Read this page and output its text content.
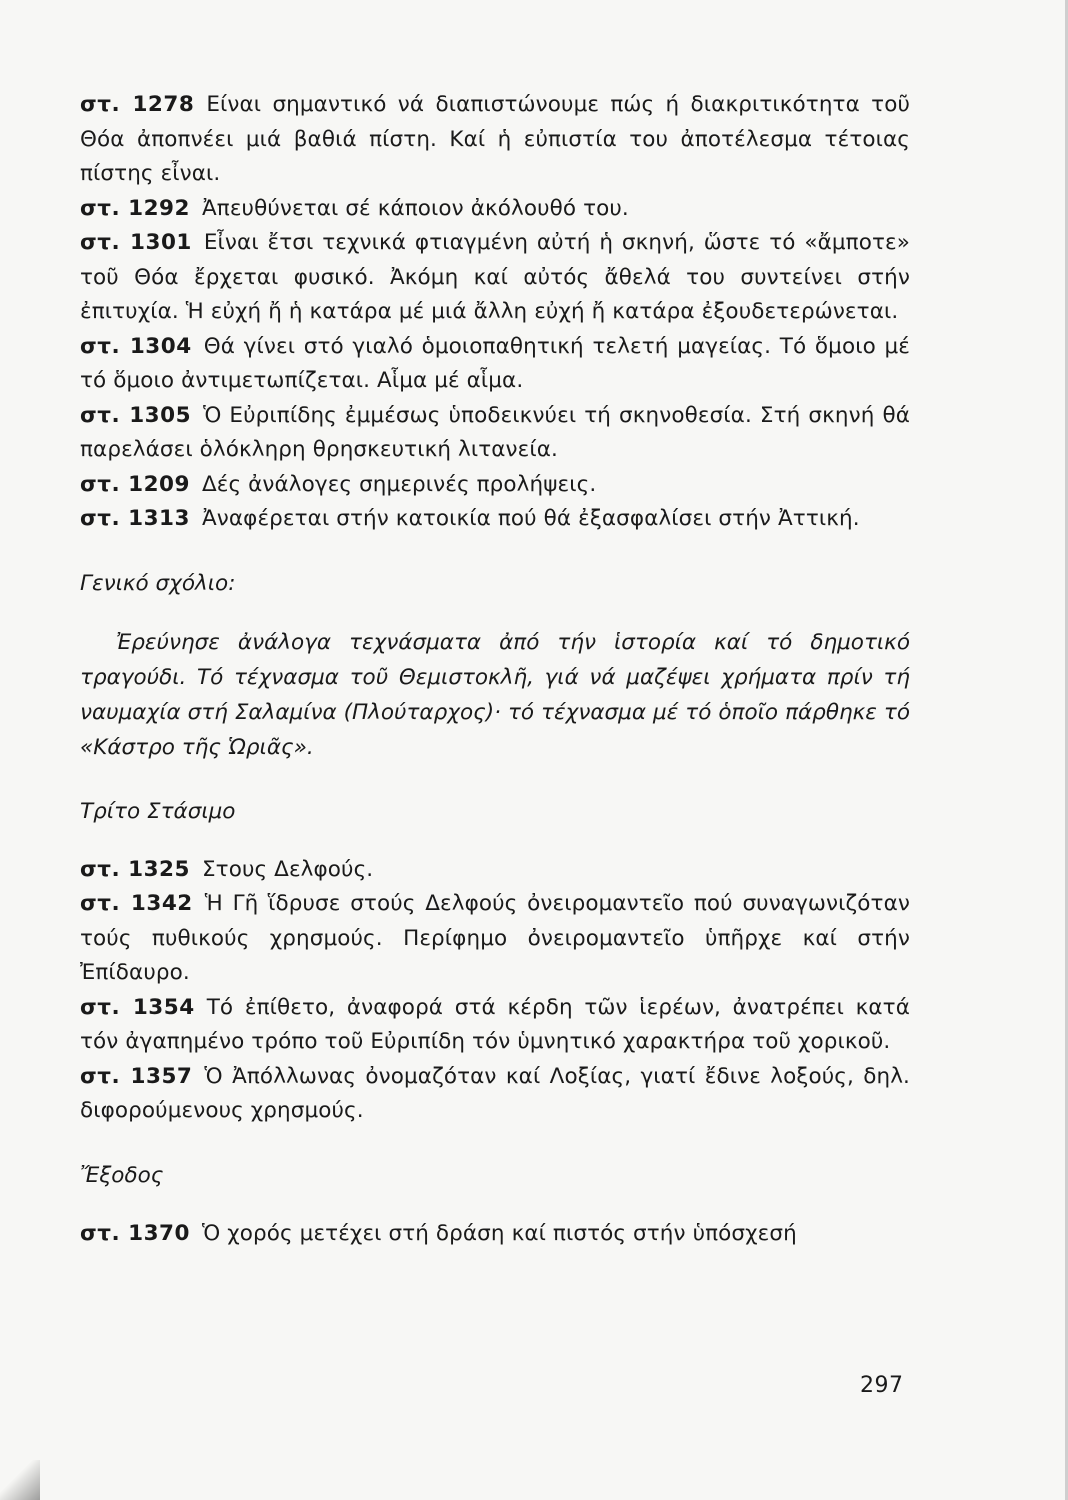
στ. 1278 Είναι σημαντικό νά διαπιστώνουμε πώς ή διακριτικότητα τοῦ Θόα ἀποπνέει μιά βαθιά πίστη. Καί ἡ εὐπιστία του ἀποτέλεσμα τέτοιας πίστης εἶναι.

στ. 1292 Ἀπευθύνεται σέ κάποιον ἀκόλουθό του.

στ. 1301 Εἶναι ἔτσι τεχνικά φτιαγμένη αὐτή ἡ σκηνή, ὥστε τό «ἄμποτε» τοῦ Θόα ἔρχεται φυσικό. Ἀκόμη καί αὐτός ἄθελά του συντείνει στήν ἐπιτυχία. Ἡ εὐχή ἤ ἡ κατάρα μέ μιά ἄλλη εὐχή ἤ κατάρα ἐξουδετερώνεται.

στ. 1304 Θά γίνει στό γιαλό ὁμοιοπαθητική τελετή μαγείας. Τό ὅμοιο μέ τό ὅμοιο ἀντιμετωπίζεται. Αἷμα μέ αἷμα.

στ. 1305 Ὁ Εὐριπίδης ἐμμέσως ὑποδεικνύει τή σκηνοθεσία. Στή σκηνή θά παρελάσει ὁλόκληρη θρησκευτική λιτανεία.

στ. 1209 Δές ἀνάλογες σημερινές προλήψεις.

στ. 1313 Ἀναφέρεται στήν κατοικία πού θά ἐξασφαλίσει στήν Ἀττική.

Γενικό σχόλιο:

Ἐρεύνησε ἀνάλογα τεχνάσματα ἀπό τήν ἱστορία καί τό δημοτικό τραγούδι. Τό τέχνασμα τοῦ Θεμιστοκλῆ, γιά νά μαζέψει χρήματα πρίν τή ναυμαχία στή Σαλαμίνα (Πλούταρχος)· τό τέχνασμα μέ τό ὁποῖο πάρθηκε τό «Κάστρο τῆς Ὡριᾶς».

Τρίτο Στάσιμο

στ. 1325 Στους Δελφούς.

στ. 1342 Ἡ Γῆ ἵδρυσε στούς Δελφούς ὀνειρομαντεῖο πού συναγωνιζόταν τούς πυθικούς χρησμούς. Περίφημο ὀνειρομαντεῖο ὑπῆρχε καί στήν Ἐπίδαυρο.

στ. 1354 Τό ἐπίθετο, ἀναφορά στά κέρδη τῶν ἱερέων, ἀνατρέπει κατά τόν ἀγαπημένο τρόπο τοῦ Εὐριπίδη τόν ὑμνητικό χαρακτήρα τοῦ χορικοῦ.

στ. 1357 Ὁ Ἀπόλλωνας ὀνομαζόταν καί Λοξίας, γιατί ἔδινε λοξούς, δηλ. διφορούμενους χρησμούς.

Ἔξοδος

στ. 1370 Ὁ χορός μετέχει στή δράση καί πιστός στήν ὑπόσχεσή

297
